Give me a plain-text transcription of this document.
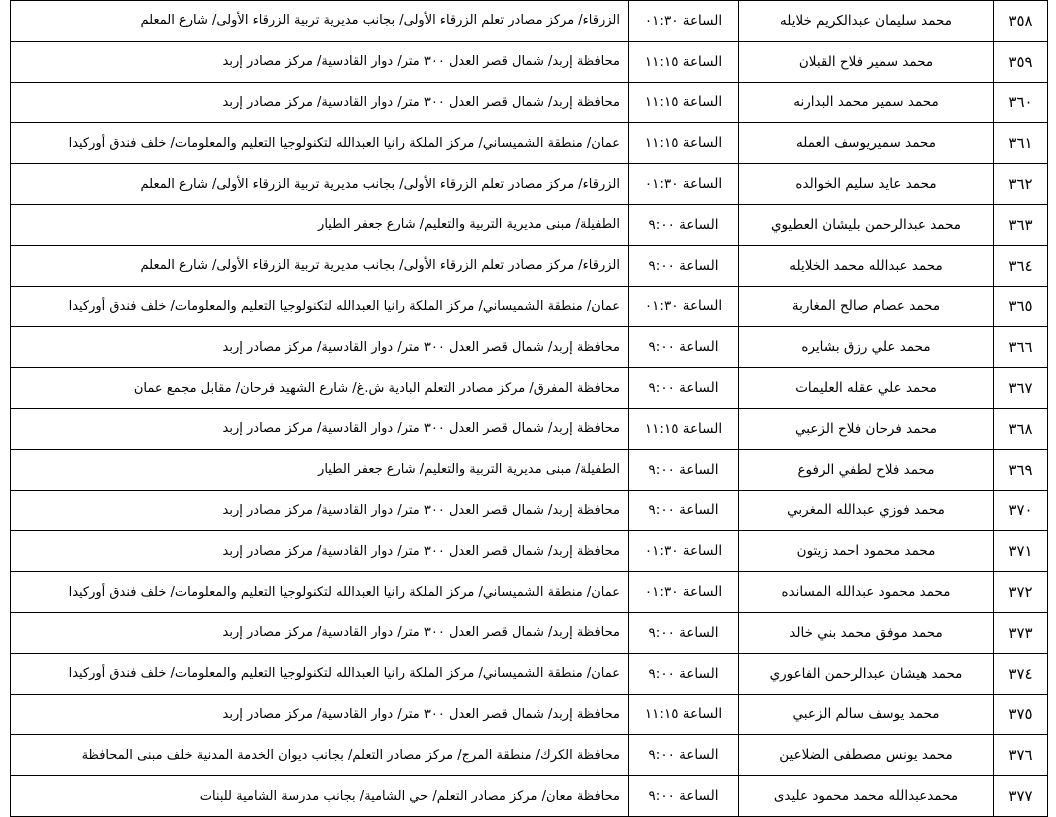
٣٥٨	محمد سليمان عبدالكريم خلايله	الساعة ٠١:٣٠	الزرقاء/ مركز مصادر تعلم الزرقاء الأولى/ بجانب مديرية تربية الزرقاء الأولى/ شارع المعلم
٣٥٩	محمد سمير فلاح القبلان	الساعة ١١:١٥	محافظة إربد/ شمال قصر العدل ٣٠٠ متر/ دوار القادسية/ مركز مصادر إربد
٣٦٠	محمد سمير محمد البدارنه	الساعة ١١:١٥	محافظة إربد/ شمال قصر العدل ٣٠٠ متر/ دوار القادسية/ مركز مصادر إربد
٣٦١	محمد سميريوسف العمله	الساعة ١١:١٥	عمان/ منطقة الشميساني/ مركز الملكة رانيا العبدالله لتكنولوجيا التعليم والمعلومات/ خلف فندق أوركيدا
٣٦٢	محمد عايد سليم الخوالده	الساعة ٠١:٣٠	الزرقاء/ مركز مصادر تعلم الزرقاء الأولى/ بجانب مديرية تربية الزرقاء الأولى/ شارع المعلم
٣٦٣	محمد عبدالرحمن بليشان العطيوي	الساعة ٩:٠٠	الطفيلة/ مبنى مديرية التربية والتعليم/ شارع جعفر الطيار
٣٦٤	محمد عبدالله محمد الخلايله	الساعة ٩:٠٠	الزرقاء/ مركز مصادر تعلم الزرقاء الأولى/ بجانب مديرية تربية الزرقاء الأولى/ شارع المعلم
٣٦٥	محمد عصام صالح المغاربة	الساعة ٠١:٣٠	عمان/ منطقة الشميساني/ مركز الملكة رانيا العبدالله لتكنولوجيا التعليم والمعلومات/ خلف فندق أوركيدا
٣٦٦	محمد علي رزق بشايره	الساعة ٩:٠٠	محافظة إربد/ شمال قصر العدل ٣٠٠ متر/ دوار القادسية/ مركز مصادر إربد
٣٦٧	محمد علي عقله العليمات	الساعة ٩:٠٠	محافظة المفرق/ مركز مصادر التعلم البادية ش.غ/ شارع الشهيد فرحان/ مقابل مجمع عمان
٣٦٨	محمد فرحان فلاح الزعبي	الساعة ١١:١٥	محافظة إربد/ شمال قصر العدل ٣٠٠ متر/ دوار القادسية/ مركز مصادر إربد
٣٦٩	محمد فلاح لطفي الرفوع	الساعة ٩:٠٠	الطفيلة/ مبنى مديرية التربية والتعليم/ شارع جعفر الطيار
٣٧٠	محمد فوزي عبدالله المغربي	الساعة ٩:٠٠	محافظة إربد/ شمال قصر العدل ٣٠٠ متر/ دوار القادسية/ مركز مصادر إربد
٣٧١	محمد محمود احمد زيتون	الساعة ٠١:٣٠	محافظة إربد/ شمال قصر العدل ٣٠٠ متر/ دوار القادسية/ مركز مصادر إربد
٣٧٢	محمد محمود عبدالله المسانده	الساعة ٠١:٣٠	عمان/ منطقة الشميساني/ مركز الملكة رانيا العبدالله لتكنولوجيا التعليم والمعلومات/ خلف فندق أوركيدا
٣٧٣	محمد موفق محمد بني خالد	الساعة ٩:٠٠	محافظة إربد/ شمال قصر العدل ٣٠٠ متر/ دوار القادسية/ مركز مصادر إربد
٣٧٤	محمد هيشان عبدالرحمن الفاعوري	الساعة ٩:٠٠	عمان/ منطقة الشميساني/ مركز الملكة رانيا العبدالله لتكنولوجيا التعليم والمعلومات/ خلف فندق أوركيدا
٣٧٥	محمد يوسف سالم الزعبي	الساعة ١١:١٥	محافظة إربد/ شمال قصر العدل ٣٠٠ متر/ دوار القادسية/ مركز مصادر إربد
٣٧٦	محمد يونس مصطفى الضلاعين	الساعة ٩:٠٠	محافظة الكرك/ منطقة المرج/ مركز مصادر التعلم/ بجانب ديوان الخدمة المدنية خلف مبنى المحافظة
٣٧٧	محمدعبدالله محمد محمود عليدى	الساعة ٩:٠٠	محافظة معان/ مركز مصادر التعلم/ حي الشامية/ بجانب مدرسة الشامية للبنات
